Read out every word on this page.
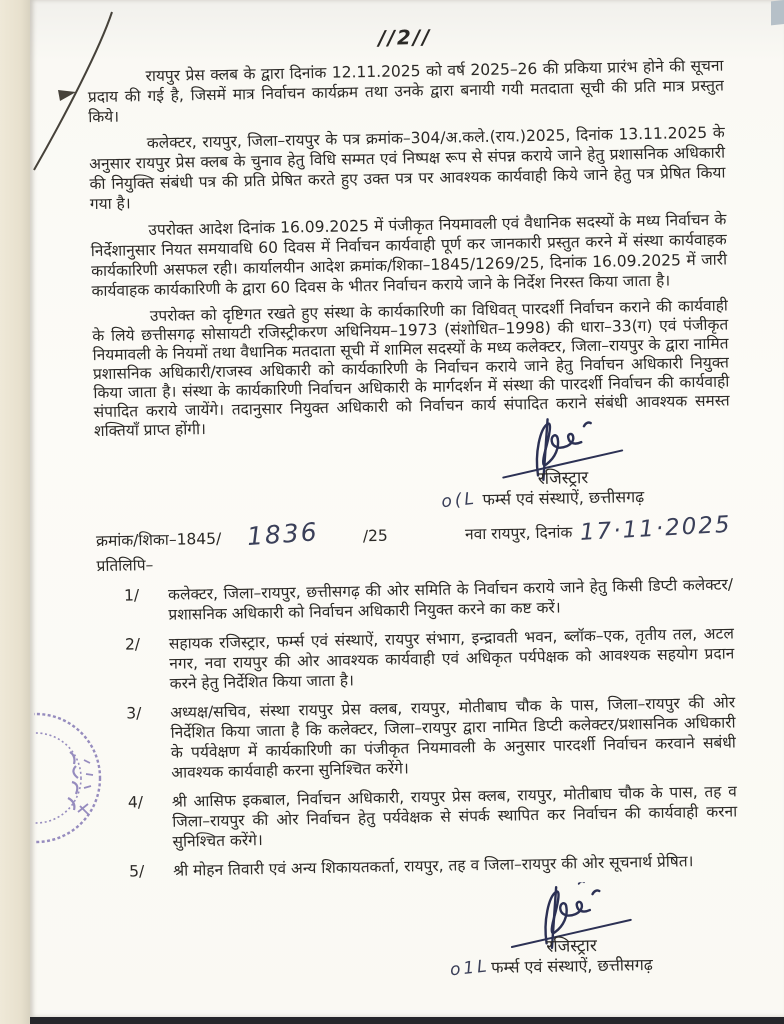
//2//

रायपुर प्रेस क्लब के द्वारा दिनांक 12.11.2025 को वर्ष 2025–26 की प्रकिया प्रारंभ होने की सूचना प्रदाय की गई है, जिसमें मात्र निर्वाचन कार्यक्रम तथा उनके द्वारा बनायी गयी मतदाता सूची की प्रति मात्र प्रस्तुत किये।

कलेक्टर, रायपुर, जिला–रायपुर के पत्र क्रमांक–304/अ.कले.(राय.)2025, दिनांक 13.11.2025 के अनुसार रायपुर प्रेस क्लब के चुनाव हेतु विधि सम्मत एवं निष्पक्ष रूप से संपन्न कराये जाने हेतु प्रशासनिक अधिकारी की नियुक्ति संबंधी पत्र की प्रति प्रेषित करते हुए उक्त पत्र पर आवश्यक कार्यवाही किये जाने हेतु पत्र प्रेषित किया गया है।

उपरोक्त आदेश दिनांक 16.09.2025 में पंजीकृत नियमावली एवं वैधानिक सदस्यों के मध्य निर्वाचन के निर्देशानुसार नियत समयावधि 60 दिवस में निर्वाचन कार्यवाही पूर्ण कर जानकारी प्रस्तुत करने में संस्था कार्यवाहक कार्यकारिणी असफल रही। कार्यालयीन आदेश क्रमांक/शिका–1845/1269/25, दिनांक 16.09.2025 में जारी कार्यवाहक कार्यकारिणी के द्वारा 60 दिवस के भीतर निर्वाचन कराये जाने के निर्देश निरस्त किया जाता है।

उपरोक्त को दृष्टिगत रखते हुए संस्था के कार्यकारिणी का विधिवत् पारदर्शी निर्वाचन कराने की कार्यवाही के लिये छत्तीसगढ़ सोसायटी रजिस्ट्रीकरण अधिनियम–1973 (संशोधित–1998) की धारा–33(ग) एवं पंजीकृत नियमावली के नियमों तथा वैधानिक मतदाता सूची में शामिल सदस्यों के मध्य कलेक्टर, जिला–रायपुर के द्वारा नामित प्रशासनिक अधिकारी/राजस्व अधिकारी को कार्यकारिणी के निर्वाचन कराये जाने हेतु निर्वाचन अधिकारी नियुक्त किया जाता है। संस्था के कार्यकारिणी निर्वाचन अधिकारी के मार्गदर्शन में संस्था की पारदर्शी निर्वाचन की कार्यवाही संपादित कराये जायेंगे। तदानुसार नियुक्त अधिकारी को निर्वाचन कार्य संपादित कराने संबंधी आवश्यक समस्त शक्तियाँ प्राप्त होंगी।

रजिस्ट्रार
फर्म्स एवं संस्थाऐं, छत्तीसगढ़
o(L
क्रमांक/शिका–1845/ 1836	/25	नवा रायपुर, दिनांक 17·11·2025
प्रतिलिपि–
1/	कलेक्टर, जिला–रायपुर, छत्तीसगढ़ की ओर समिति के निर्वाचन कराये जाने हेतु किसी डिप्टी कलेक्टर/प्रशासनिक अधिकारी को निर्वाचन अधिकारी नियुक्त करने का कष्ट करें।
2/	सहायक रजिस्ट्रार, फर्म्स एवं संस्थाऐं, रायपुर संभाग, इन्द्रावती भवन, ब्लॉक–एक, तृतीय तल, अटल नगर, नवा रायपुर की ओर आवश्यक कार्यवाही एवं अधिकृत पर्यपेक्षक को आवश्यक सहयोग प्रदान करने हेतु निर्देशित किया जाता है।
3/	अध्यक्ष/सचिव, संस्था रायपुर प्रेस क्लब, रायपुर, मोतीबाघ चौक के पास, जिला–रायपुर की ओर निर्देशित किया जाता है कि कलेक्टर, जिला–रायपुर द्वारा नामित डिप्टी कलेक्टर/प्रशासनिक अधिकारी के पर्यवेक्षण में कार्यकारिणी का पंजीकृत नियमावली के अनुसार पारदर्शी निर्वाचन करवाने सबंधी आवश्यक कार्यवाही करना सुनिश्चित करेंगे।
4/	श्री आसिफ इकबाल, निर्वाचन अधिकारी, रायपुर प्रेस क्लब, रायपुर, मोतीबाघ चौक के पास, तह व जिला–रायपुर की ओर निर्वाचन हेतु पर्यवेक्षक से संपर्क स्थापित कर निर्वाचन की कार्यवाही करना सुनिश्चित करेंगे।
5/	श्री मोहन तिवारी एवं अन्य शिकायतकर्ता, रायपुर, तह व जिला–रायपुर की ओर सूचनार्थ प्रेषित।
रजिस्ट्रार
फर्म्स एवं संस्थाऐं, छत्तीसगढ़
o1L
